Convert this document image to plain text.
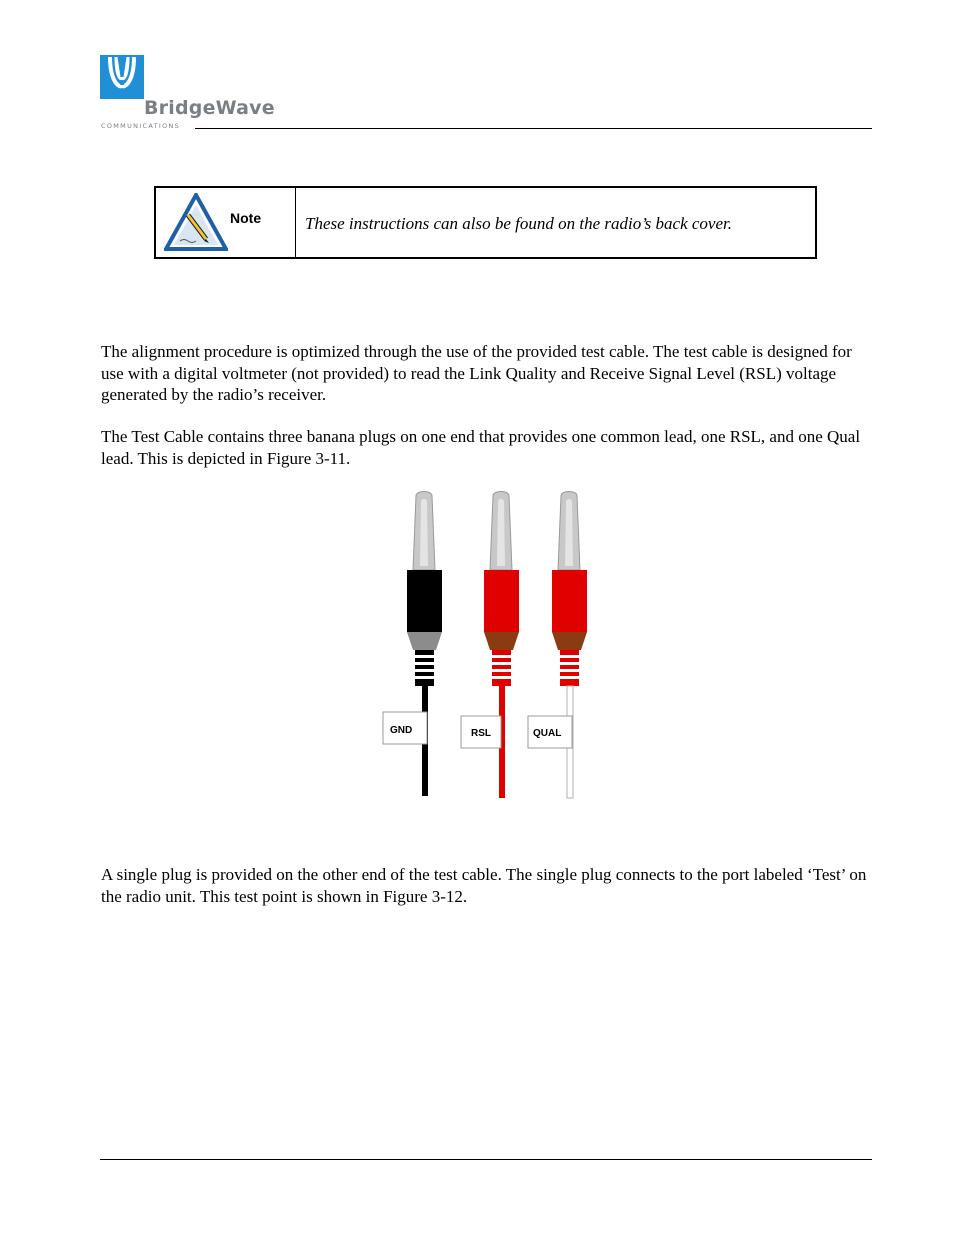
BridgeWave
COMMUNICATIONS
Note	These instructions can also be found on the radio’s back cover.
The alignment procedure is optimized through the use of the provided test cable. The test cable is designed for use with a digital voltmeter (not provided) to read the Link Quality and Receive Signal Level (RSL) voltage generated by the radio’s receiver.
The Test Cable contains three banana plugs on one end that provides one common lead, one RSL, and one Qual lead. This is depicted in Figure 3-11.
GND	RSL	QUAL
A single plug is provided on the other end of the test cable. The single plug connects to the port labeled ‘Test’ on the radio unit. This test point is shown in Figure 3-12.
